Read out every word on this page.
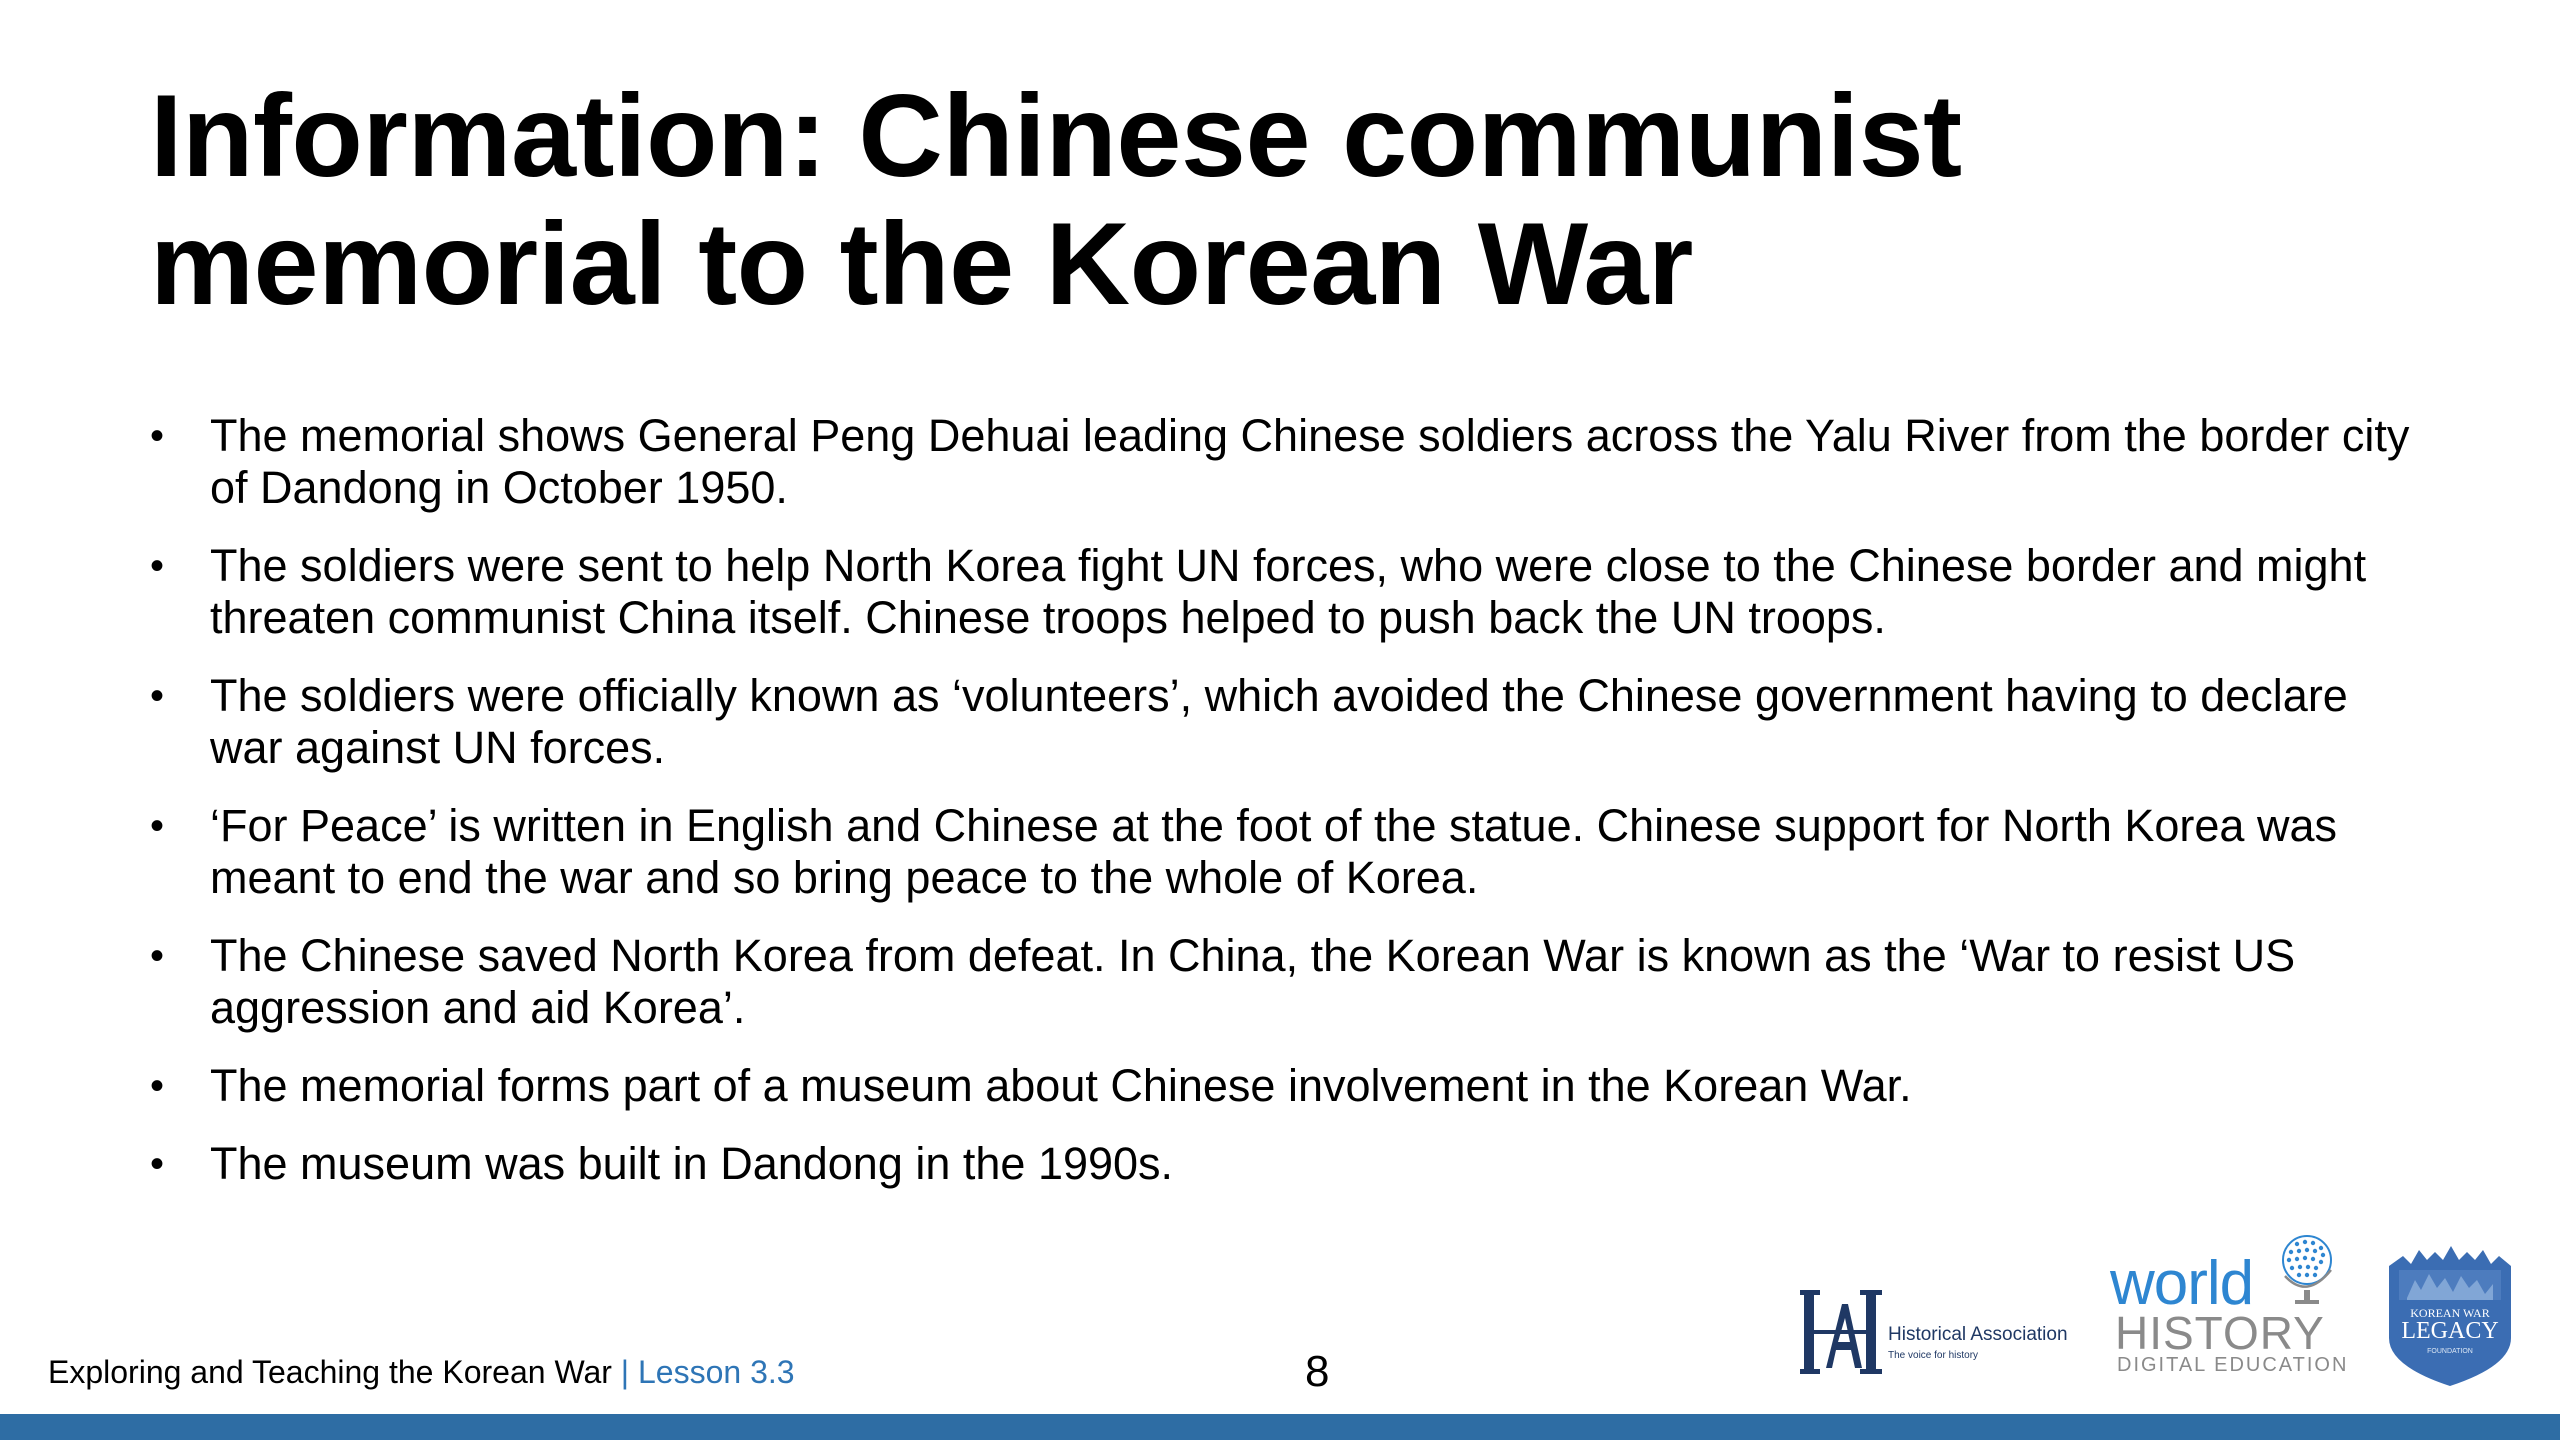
Information: Chinese communist
memorial to the Korean War
• The memorial shows General Peng Dehuai leading Chinese soldiers across the Yalu River from the border city of Dandong in October 1950.
• The soldiers were sent to help North Korea fight UN forces, who were close to the Chinese border and might threaten communist China itself. Chinese troops helped to push back the UN troops.
• The soldiers were officially known as ‘volunteers’, which avoided the Chinese government having to declare war against UN forces.
• ‘For Peace’ is written in English and Chinese at the foot of the statue. Chinese support for North Korea was meant to end the war and so bring peace to the whole of Korea.
• The Chinese saved North Korea from defeat. In China, the Korean War is known as the ‘War to resist US aggression and aid Korea’.
• The memorial forms part of a museum about Chinese involvement in the Korean War.
• The museum was built in Dandong in the 1990s.
Exploring and Teaching the Korean War | Lesson 3.3	8
Historical Association
The voice for history
world
HISTORY
DIGITAL EDUCATION
KOREAN WAR
LEGACY
FOUNDATION
